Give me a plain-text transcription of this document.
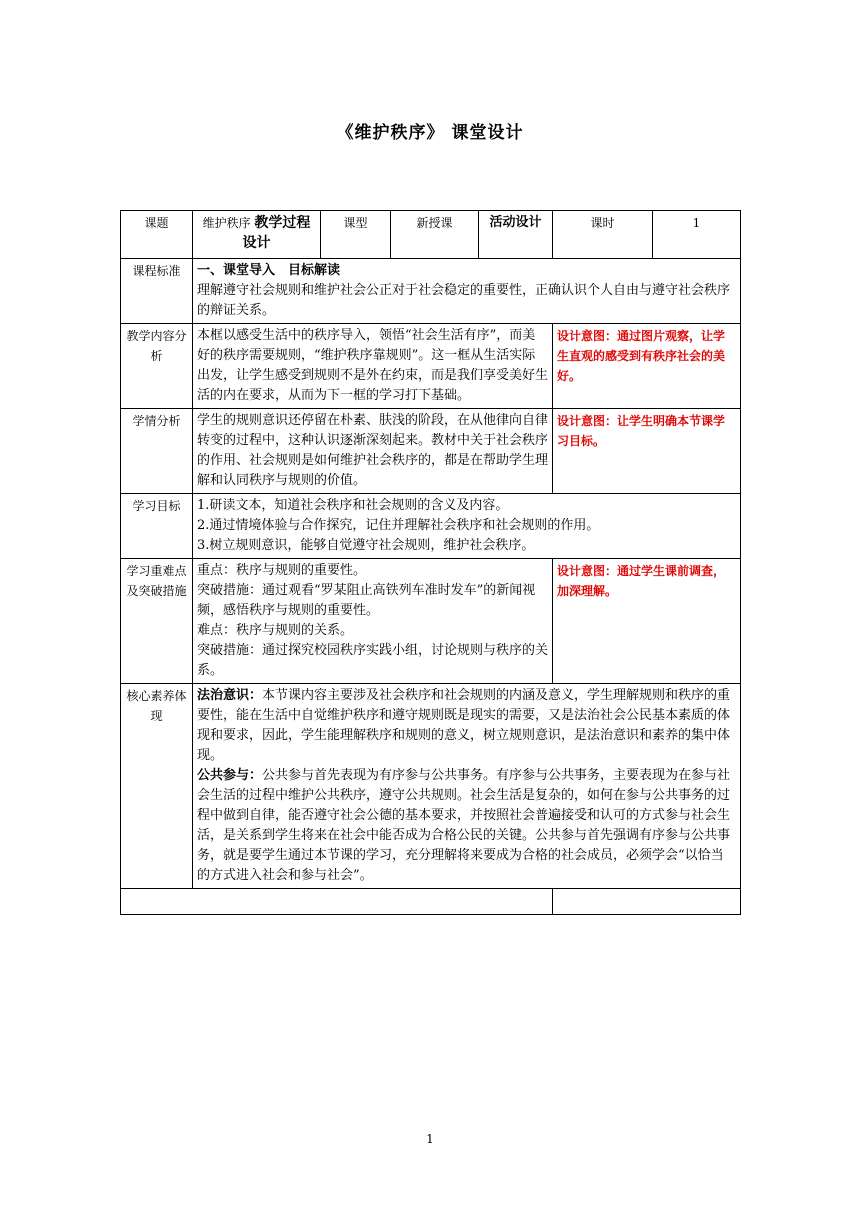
《维护秩序》 课堂设计
课题	维护秩序 教学过程设计	课型	新授课	活动设计	课时	1
课程标准	一、课堂导入　目标解读

理解遵守社会规则和维护社会公正对于社会稳定的重要性，正确认识个人自由与遵守社会秩序的辩证关系。					

教学内容分析	本框以感受生活中的秩序导入，领悟“社会生活有序”，而美好的秩序需要规则，“维护秩序靠规则”。这一框从生活实际出发，让学生感受到规则不是外在约束，而是我们享受美好生活的内在要求，从而为下一框的学习打下基础。				设计意图：通过图片观察，让学生直观的感受到有秩序社会的美好。	
学情分析	学生的规则意识还停留在朴素、肤浅的阶段，在从他律向自律转变的过程中，这种认识逐渐深刻起来。教材中关于社会秩序的作用、社会规则是如何维护社会秩序的，都是在帮助学生理解和认同秩序与规则的价值。				设计意图：让学生明确本节课学习目标。	
学习目标	1.研读文本，知道社会秩序和社会规则的含义及内容。

2.通过情境体验与合作探究，记住并理解社会秩序和社会规则的作用。

3.树立规则意识，能够自觉遵守社会规则，维护社会秩序。					

学习重难点及突破措施	重点：秩序与规则的重要性。

突破措施：通过观看“罗某阻止高铁列车准时发车”的新闻视频，感悟秩序与规则的重要性。

难点：秩序与规则的关系。

突破措施：通过探究校园秩序实践小组，讨论规则与秩序的关系。				设计意图：通过学生课前调查，加深理解。	
核心素养体现	法治意识：本节课内容主要涉及社会秩序和社会规则的内涵及意义，学生理解规则和秩序的重要性，能在生活中自觉维护秩序和遵守规则既是现实的需要，又是法治社会公民基本素质的体现和要求，因此，学生能理解秩序和规则的意义，树立规则意识，是法治意识和素养的集中体现。

公共参与：公共参与首先表现为有序参与公共事务。有序参与公共事务，主要表现为在参与社会生活的过程中维护公共秩序，遵守公共规则。社会生活是复杂的，如何在参与公共事务的过程中做到自律，能否遵守社会公德的基本要求，并按照社会普遍接受和认可的方式参与社会生活，是关系到学生将来在社会中能否成为合格公民的关键。公共参与首先强调有序参与公共事务，就是要学生通过本节课的学习，充分理解将来要成为合格的社会成员，必须学会“以恰当的方式进入社会和参与社会”。					

1
